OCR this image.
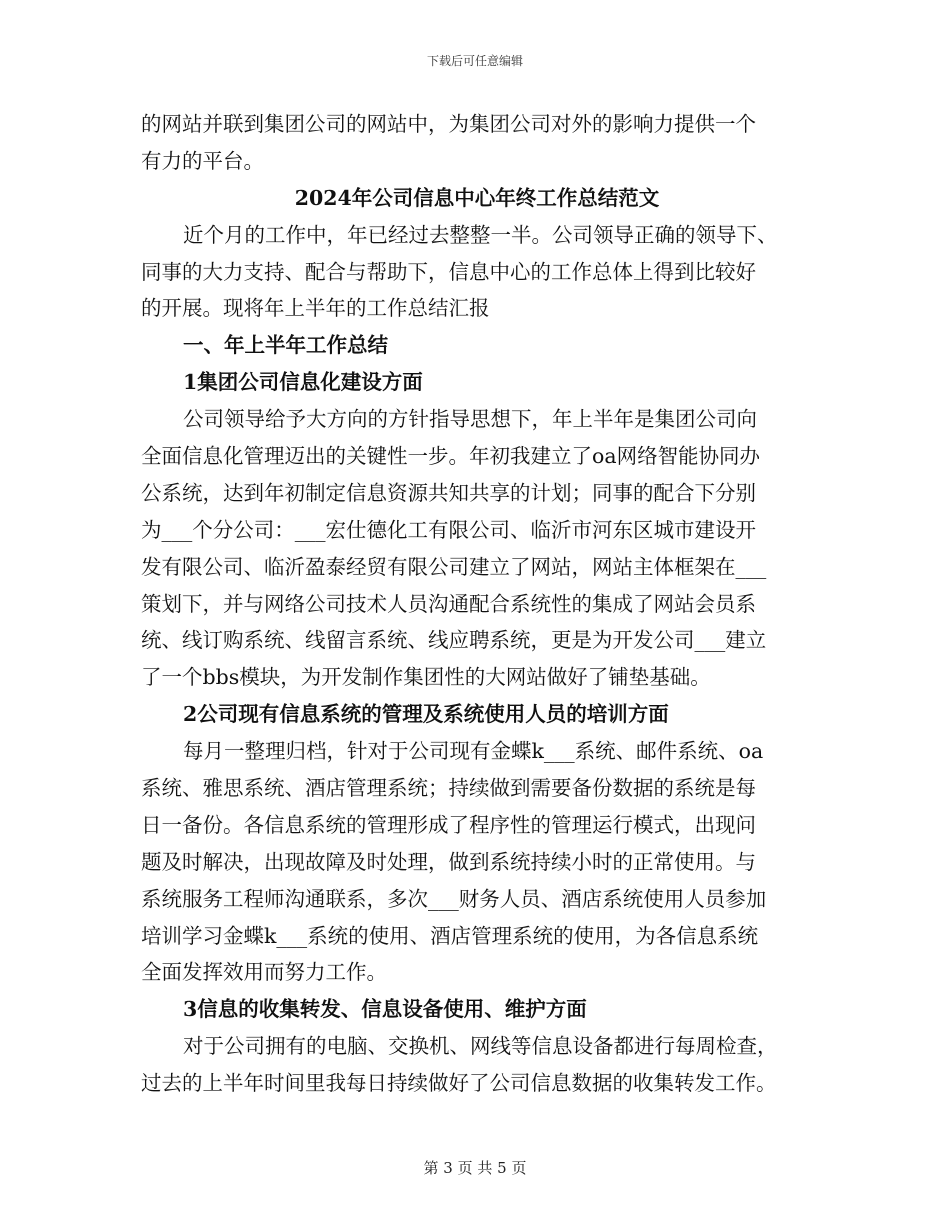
下载后可任意编辑
的网站并联到集团公司的网站中，为集团公司对外的影响力提供一个
有力的平台。
2024年公司信息中心年终工作总结范文
近个月的工作中，年已经过去整整一半。公司领导正确的领导下、
同事的大力支持、配合与帮助下，信息中心的工作总体上得到比较好
的开展。现将年上半年的工作总结汇报
一、年上半年工作总结
1集团公司信息化建设方面
公司领导给予大方向的方针指导思想下，年上半年是集团公司向
全面信息化管理迈出的关键性一步。年初我建立了oa网络智能协同办
公系统，达到年初制定信息资源共知共享的计划；同事的配合下分别
为___个分公司：___宏仕德化工有限公司、临沂市河东区城市建设开
发有限公司、临沂盈泰经贸有限公司建立了网站，网站主体框架在___
策划下，并与网络公司技术人员沟通配合系统性的集成了网站会员系
统、线订购系统、线留言系统、线应聘系统，更是为开发公司___建立
了一个bbs模块，为开发制作集团性的大网站做好了铺垫基础。
2公司现有信息系统的管理及系统使用人员的培训方面
每月一整理归档，针对于公司现有金蝶k___系统、邮件系统、oa
系统、雅思系统、酒店管理系统；持续做到需要备份数据的系统是每
日一备份。各信息系统的管理形成了程序性的管理运行模式，出现问
题及时解决，出现故障及时处理，做到系统持续小时的正常使用。与
系统服务工程师沟通联系，多次___财务人员、酒店系统使用人员参加
培训学习金蝶k___系统的使用、酒店管理系统的使用，为各信息系统
全面发挥效用而努力工作。
3信息的收集转发、信息设备使用、维护方面
对于公司拥有的电脑、交换机、网线等信息设备都进行每周检查，
过去的上半年时间里我每日持续做好了公司信息数据的收集转发工作。
第 3 页 共 5 页
